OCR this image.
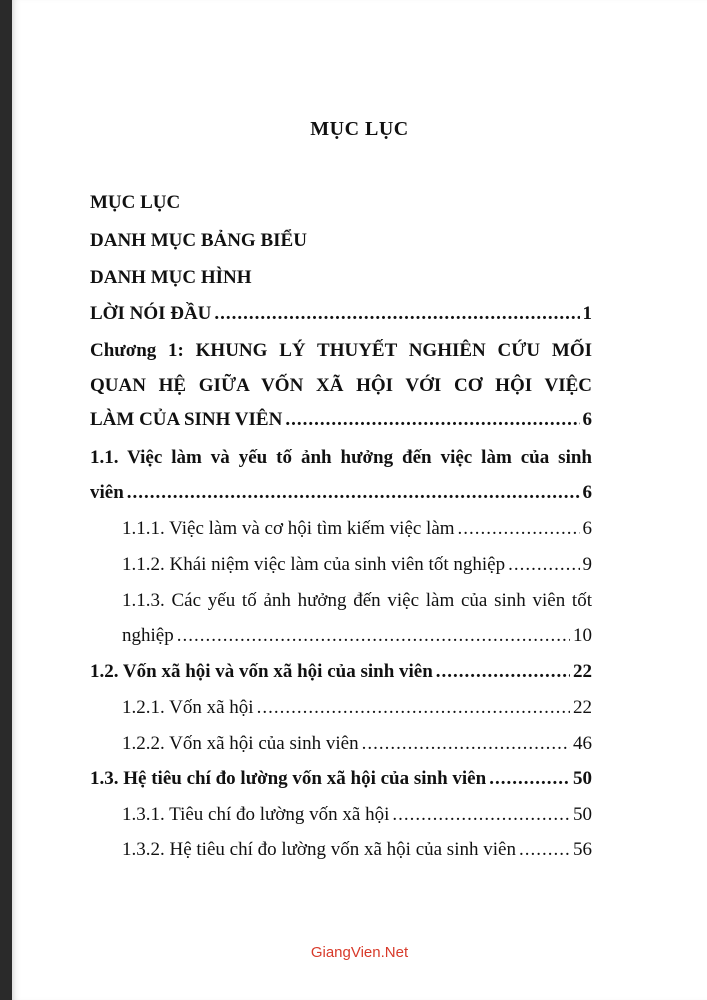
MỤC LỤC
MỤC LỤC
DANH MỤC BẢNG BIỂU
DANH MỤC HÌNH
LỜI NÓI ĐẦU .....	1
Chương 1: KHUNG LÝ THUYẾT NGHIÊN CỨU MỐI
QUAN HỆ GIỮA VỐN XÃ HỘI VỚI CƠ HỘI VIỆC
LÀM CỦA SINH VIÊN .....	6
1.1. Việc làm và yếu tố ảnh hưởng đến việc làm của sinh
viên .....	6
1.1.1. Việc làm và cơ hội tìm kiếm việc làm .....	6
1.1.2. Khái niệm việc làm của sinh viên tốt nghiệp .....	9
1.1.3. Các yếu tố ảnh hưởng đến việc làm của sinh viên tốt
nghiệp .....	10
1.2. Vốn xã hội và vốn xã hội của sinh viên .....	22
1.2.1. Vốn xã hội .....	22
1.2.2. Vốn xã hội của sinh viên .....	46
1.3. Hệ tiêu chí đo lường vốn xã hội của sinh viên .....	50
1.3.1. Tiêu chí đo lường vốn xã hội .....	50
1.3.2. Hệ tiêu chí đo lường vốn xã hội của sinh viên .....	56
GiangVien.Net
